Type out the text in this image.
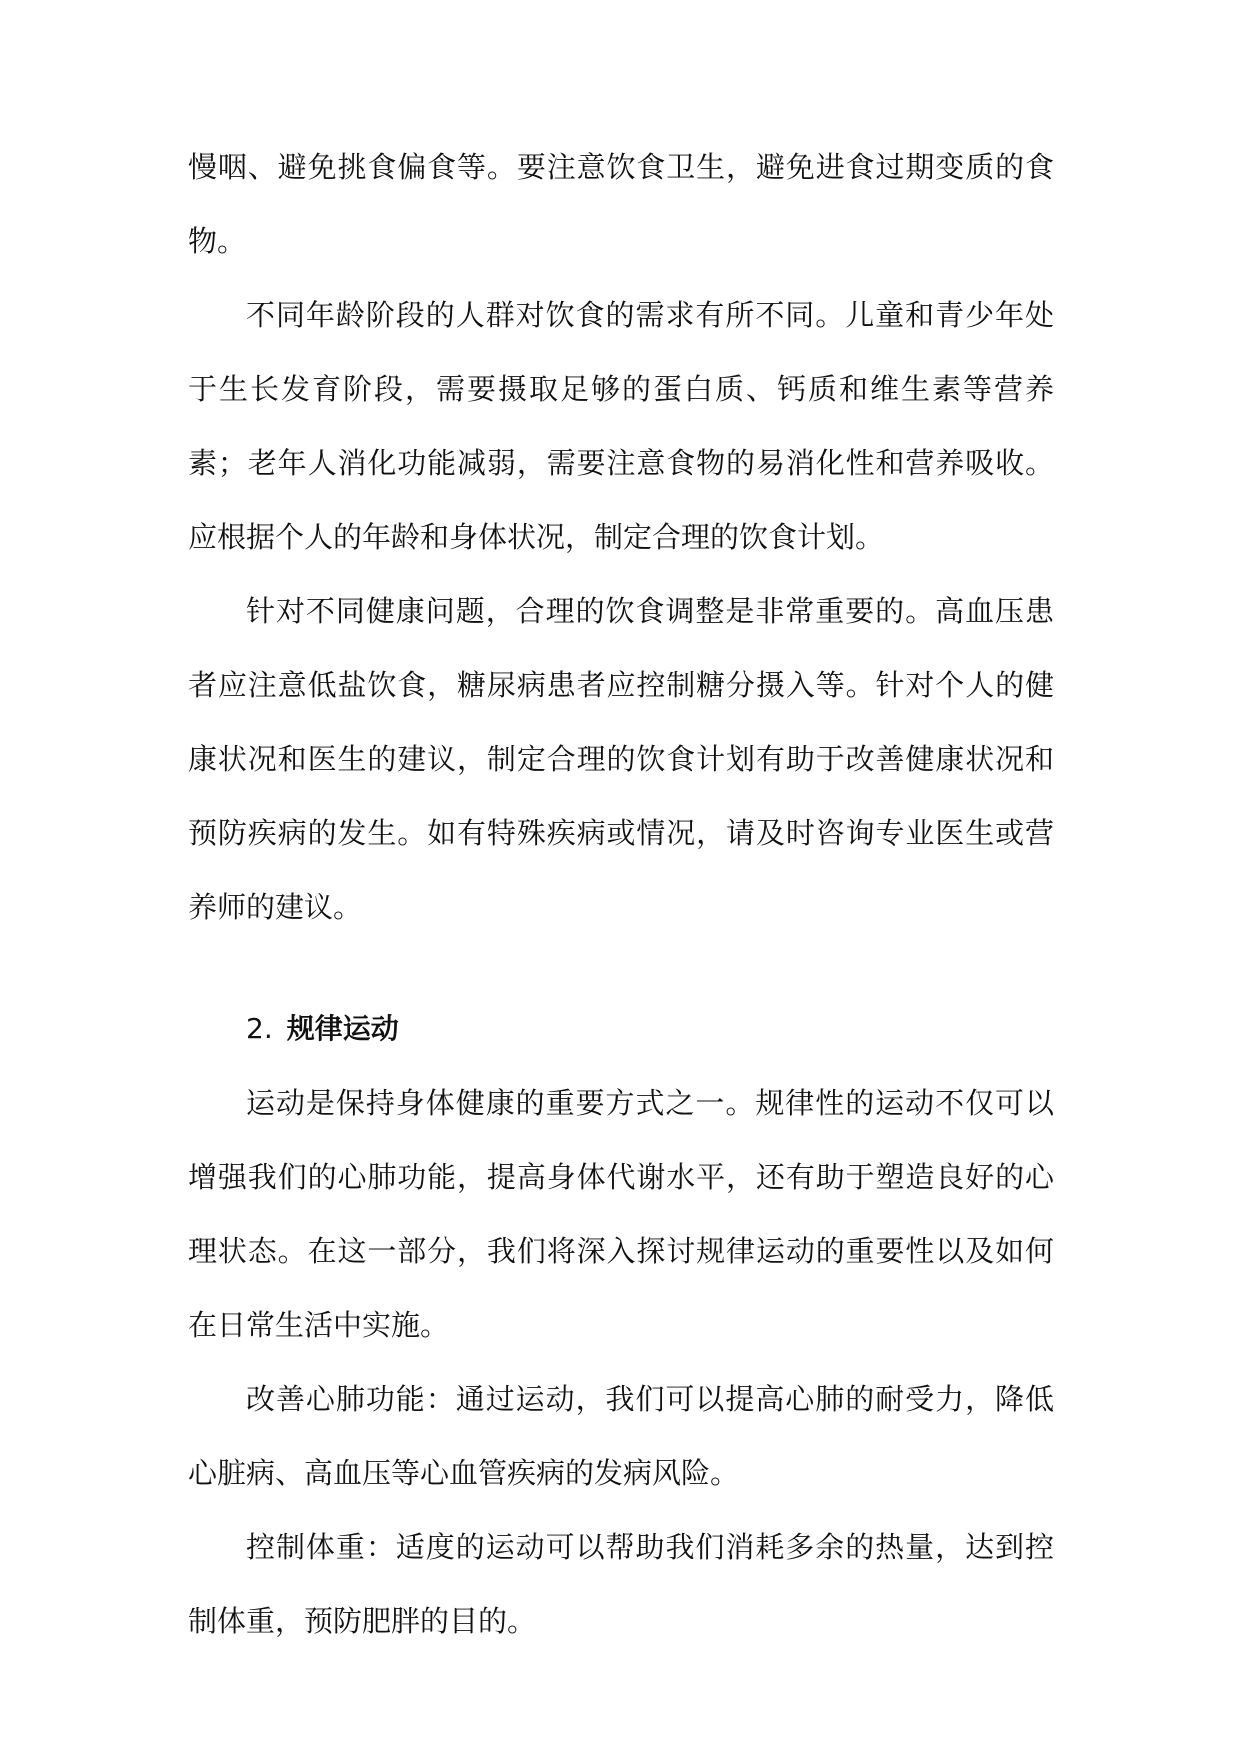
慢咽、避免挑食偏食等。要注意饮食卫生，避免进食过期变质的食物。

不同年龄阶段的人群对饮食的需求有所不同。儿童和青少年处于生长发育阶段，需要摄取足够的蛋白质、钙质和维生素等营养素；老年人消化功能减弱，需要注意食物的易消化性和营养吸收。应根据个人的年龄和身体状况，制定合理的饮食计划。

针对不同健康问题，合理的饮食调整是非常重要的。高血压患者应注意低盐饮食，糖尿病患者应控制糖分摄入等。针对个人的健康状况和医生的建议，制定合理的饮食计划有助于改善健康状况和预防疾病的发生。如有特殊疾病或情况，请及时咨询专业医生或营养师的建议。

2. 规律运动

运动是保持身体健康的重要方式之一。规律性的运动不仅可以增强我们的心肺功能，提高身体代谢水平，还有助于塑造良好的心理状态。在这一部分，我们将深入探讨规律运动的重要性以及如何在日常生活中实施。

改善心肺功能：通过运动，我们可以提高心肺的耐受力，降低心脏病、高血压等心血管疾病的发病风险。

控制体重：适度的运动可以帮助我们消耗多余的热量，达到控制体重，预防肥胖的目的。
